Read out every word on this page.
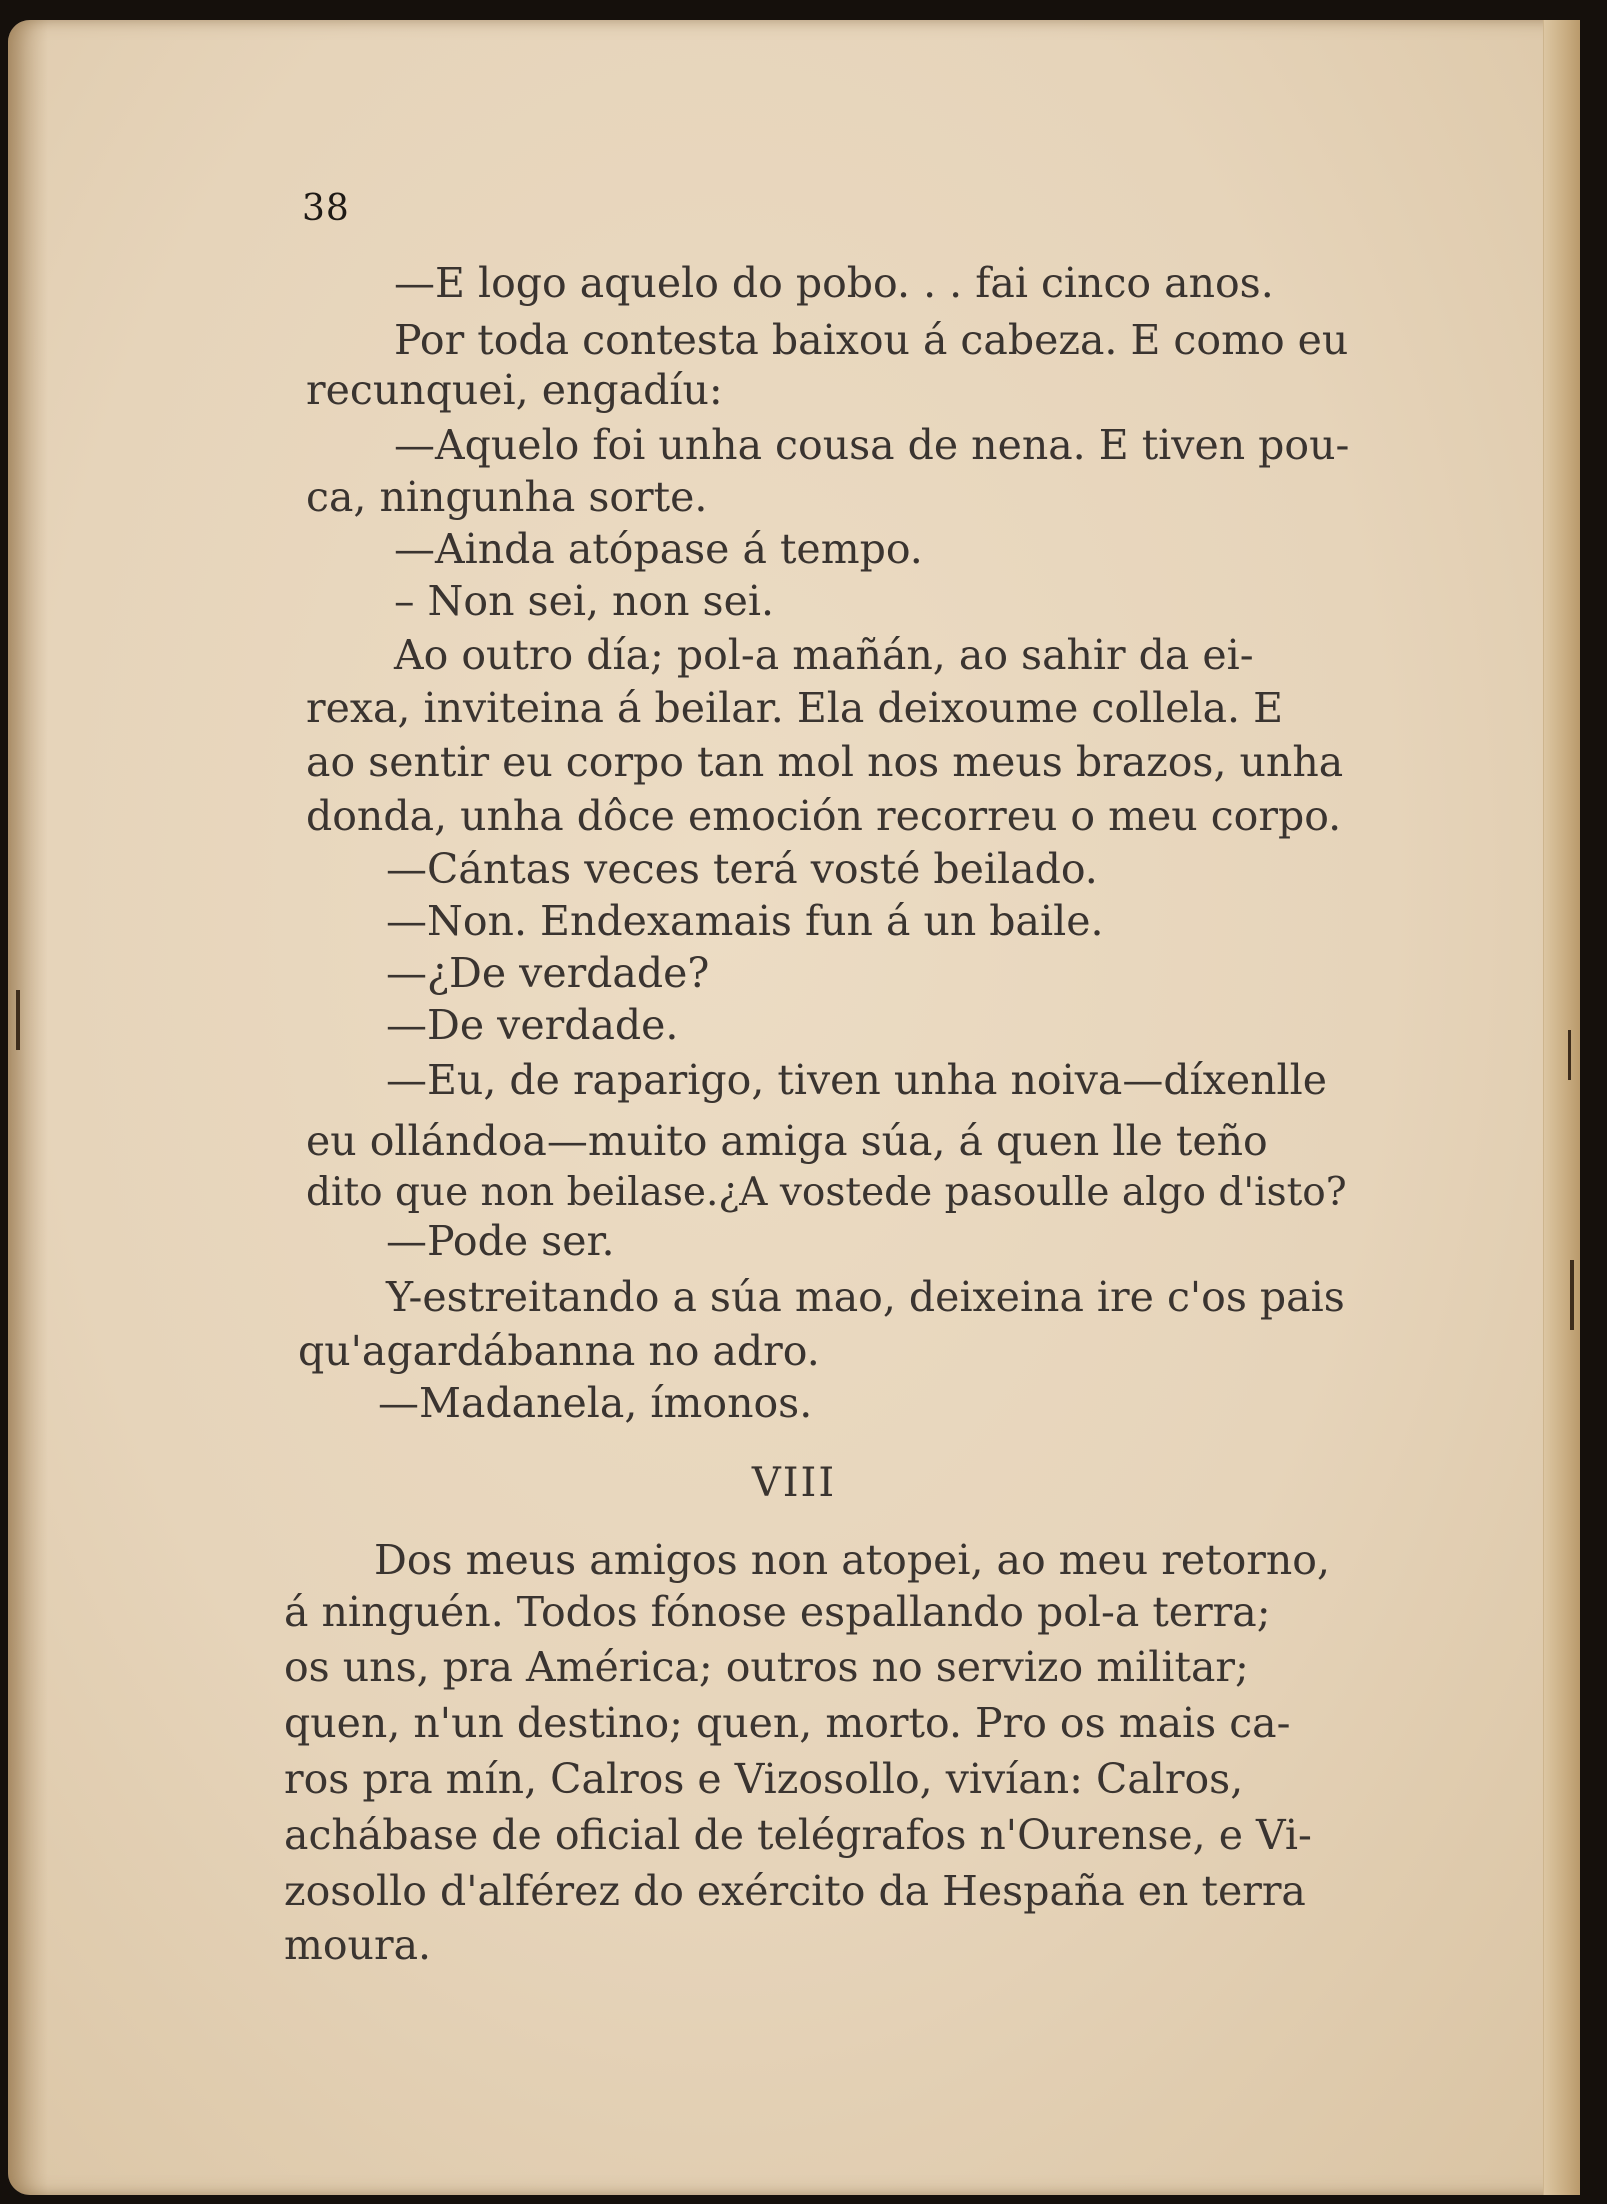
38
—E logo aquelo do pobo. . . fai cinco anos.
Por toda contesta baixou á cabeza. E como eu
recunquei, engadíu:
—Aquelo foi unha cousa de nena. E tiven pou-
ca, ningunha sorte.
—Ainda atópase á tempo.
– Non sei, non sei.
Ao outro día; pol-a mañán, ao sahir da ei-
rexa, inviteina á beilar. Ela deixoume collela. E
ao sentir eu corpo tan mol nos meus brazos, unha
donda, unha dôce emoción recorreu o meu corpo.
—Cántas veces terá vosté beilado.
—Non. Endexamais fun á un baile.
—¿De verdade?
—De verdade.
—Eu, de raparigo, tiven unha noiva—díxenlle
eu ollándoa—muito amiga súa, á quen lle teño
dito que non beilase.¿A vostede pasoulle algo d'isto?
—Pode ser.
Y-estreitando a súa mao, deixeina ire c'os pais
qu'agardábanna no adro.
—Madanela, ímonos.
VIII
Dos meus amigos non atopei, ao meu retorno,
á ninguén. Todos fónose espallando pol-a terra;
os uns, pra América; outros no servizo militar;
quen, n'un destino; quen, morto. Pro os mais ca-
ros pra mín, Calros e Vizosollo, vivían: Calros,
achábase de oficial de telégrafos n'Ourense, e Vi-
zosollo d'alférez do exército da Hespaña en terra
moura.
